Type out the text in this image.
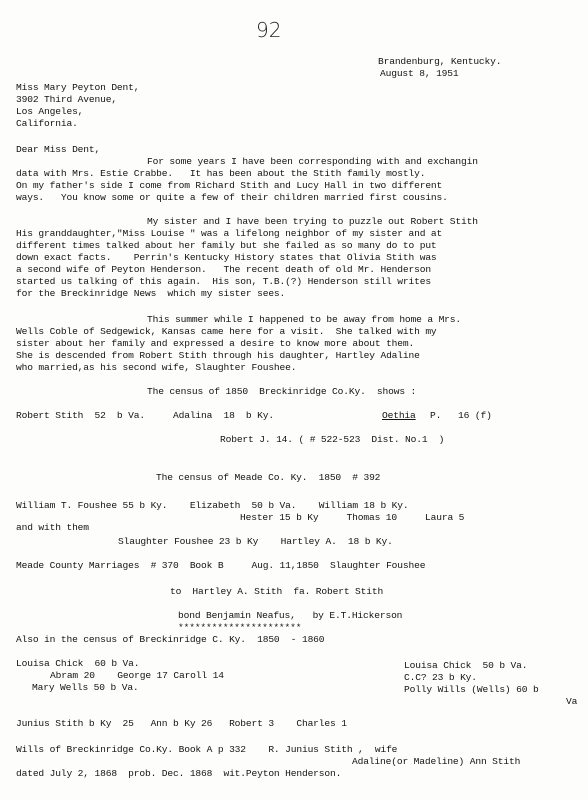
92
Brandenburg, Kentucky.
August 8, 1951
Miss Mary Peyton Dent,
3902 Third Avenue,
Los Angeles,
California.
Dear Miss Dent,
For some years I have been corresponding with and exchangin
data with Mrs. Estie Crabbe.   It has been about the Stith family mostly.
On my father's side I come from Richard Stith and Lucy Hall in two different
ways.   You know some or quite a few of their children married first cousins.
My sister and I have been trying to puzzle out Robert Stith
His granddaughter,"Miss Louise " was a lifelong neighbor of my sister and at
different times talked about her family but she failed as so many do to put
down exact facts.    Perrin's Kentucky History states that Olivia Stith was
a second wife of Peyton Henderson.   The recent death of old Mr. Henderson
started us talking of this again.  His son, T.B.(?) Henderson still writes
for the Breckinridge News  which my sister sees.
This summer while I happened to be away from home a Mrs.
Wells Coble of Sedgewick, Kansas came here for a visit.  She talked with my
sister about her family and expressed a desire to know more about them.
She is descended from Robert Stith through his daughter, Hartley Adaline
who married,as his second wife, Slaughter Foushee.
The census of 1850  Breckinridge Co.Ky.  shows :
Robert Stith  52  b Va.     Adalina  18  b Ky.	Oethia P.   16 (f)
Robert J. 14. ( # 522-523  Dist. No.1  )
The census of Meade Co. Ky.  1850  # 392
William T. Foushee 55 b Ky.    Elizabeth  50 b Va.    William 18 b Ky.
Hester 15 b Ky     Thomas 10     Laura 5
and with them
Slaughter Foushee 23 b Ky    Hartley A.  18 b Ky.
Meade County Marriages  # 370  Book B     Aug. 11,1850  Slaughter Foushee
to  Hartley A. Stith  fa. Robert Stith
bond Benjamin Neafus,   by E.T.Hickerson
**********************
Also in the census of Breckinridge C. Ky.  1850  - 1860
Louisa Chick  60 b Va.
Abram 20    George 17 Caroll 14
Mary Wells 50 b Va.
Louisa Chick  50 b Va.
C.C? 23 b Ky.
Polly Wills (Wells) 60 b
Va
Junius Stith b Ky  25   Ann b Ky 26   Robert 3    Charles 1
Wills of Breckinridge Co.Ky. Book A p 332    R. Junius Stith ,  wife
Adaline(or Madeline) Ann Stith
dated July 2, 1868  prob. Dec. 1868  wit.Peyton Henderson.
